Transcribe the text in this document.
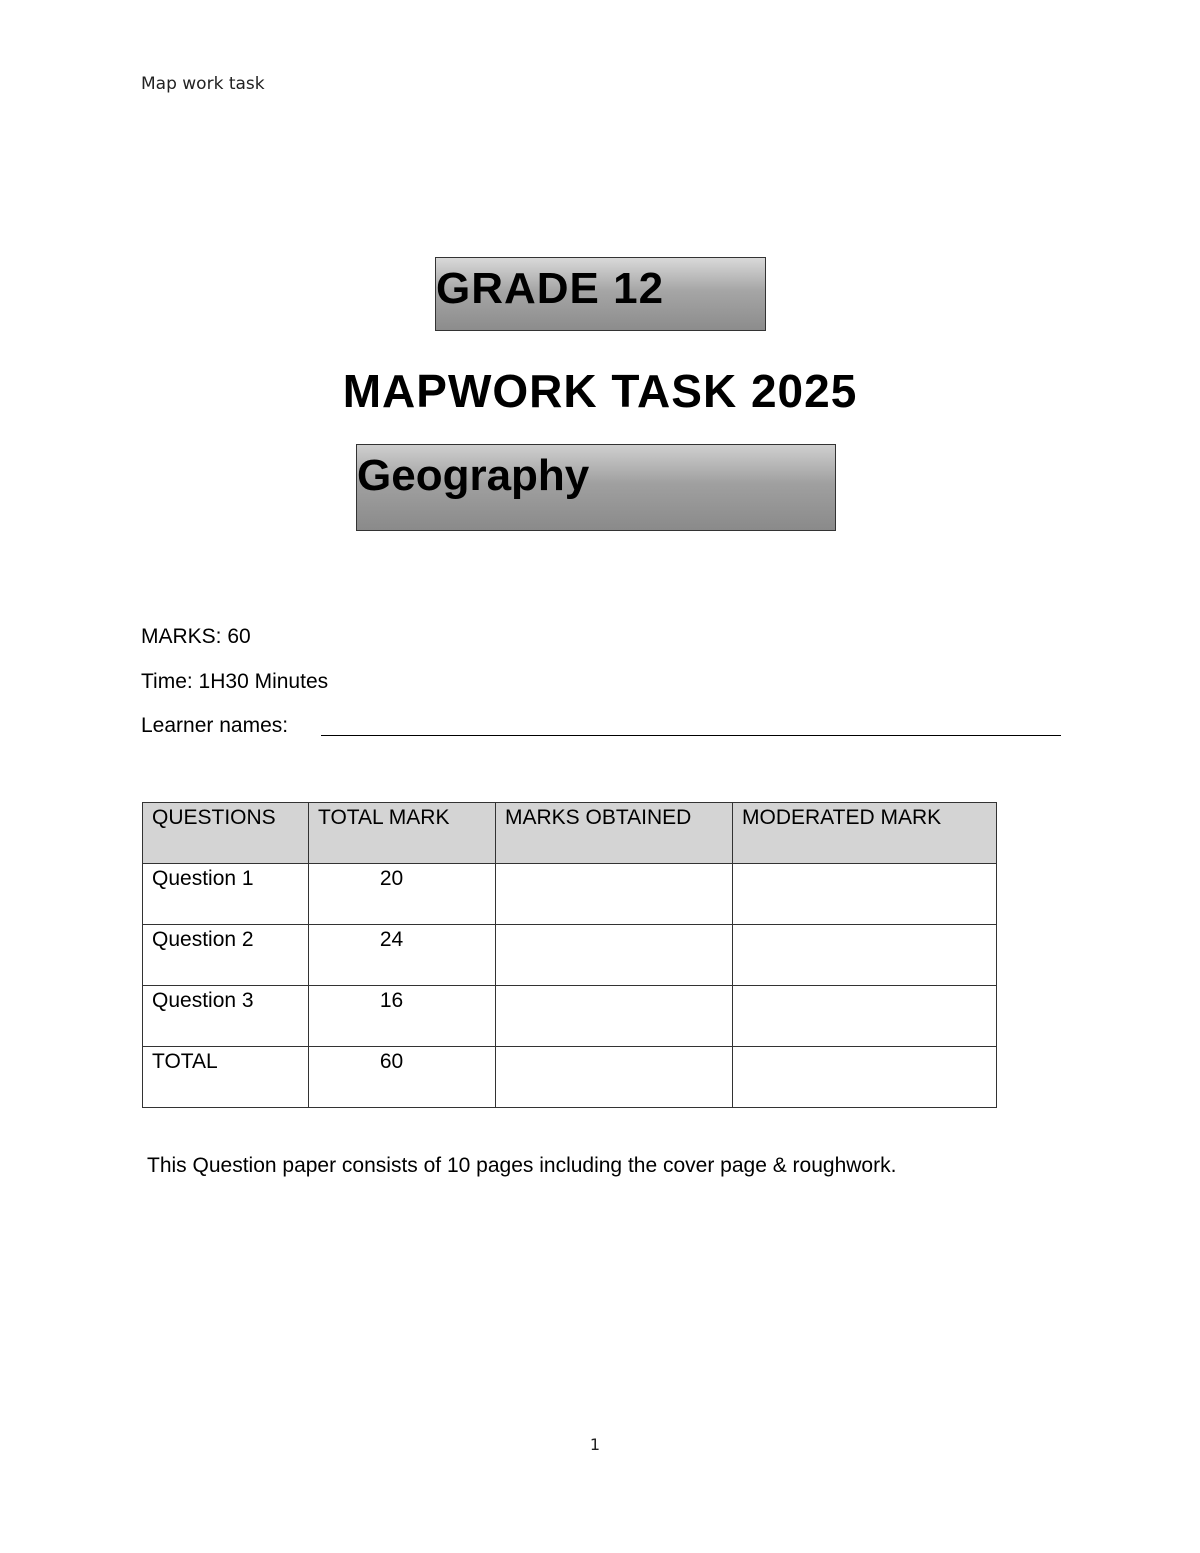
Map work task
GRADE 12
MAPWORK TASK 2025
Geography
MARKS: 60
Time: 1H30 Minutes
Learner names:
QUESTIONS	TOTAL MARK	MARKS OBTAINED	MODERATED MARK
Question 1	20		
Question 2	24		
Question 3	16		
TOTAL	60		
This Question paper consists of 10 pages including the cover page & roughwork.
1
